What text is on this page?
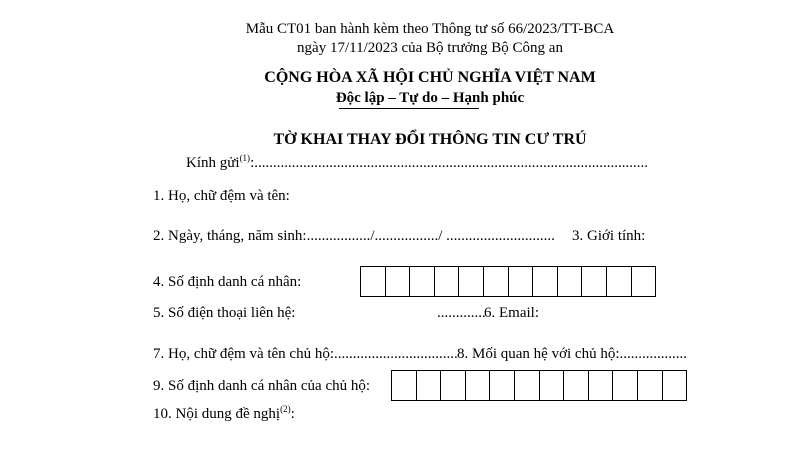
Mẫu CT01 ban hành kèm theo Thông tư số 66/2023/TT-BCA
ngày 17/11/2023 của Bộ trưởng Bộ Công an
CỘNG HÒA XÃ HỘI CHỦ NGHĨA VIỆT NAM
Độc lập – Tự do – Hạnh phúc
TỜ KHAI THAY ĐỔI THÔNG TIN CƯ TRÚ
Kính gửi$^{(1)}$:.........................................................................................................
1. Họ, chữ đệm và tên:
2. Ngày, tháng, năm sinh:................./................./ ............................. 3. Giới tính:
4. Số định danh cá nhân:
5. Số điện thoại liên hệ:	.............
6. Email:
7. Họ, chữ đệm và tên chủ hộ:................................. 8. Mối quan hệ với chủ hộ:..................
9. Số định danh cá nhân của chủ hộ:
10. Nội dung đề nghị$^{(2)}$:
